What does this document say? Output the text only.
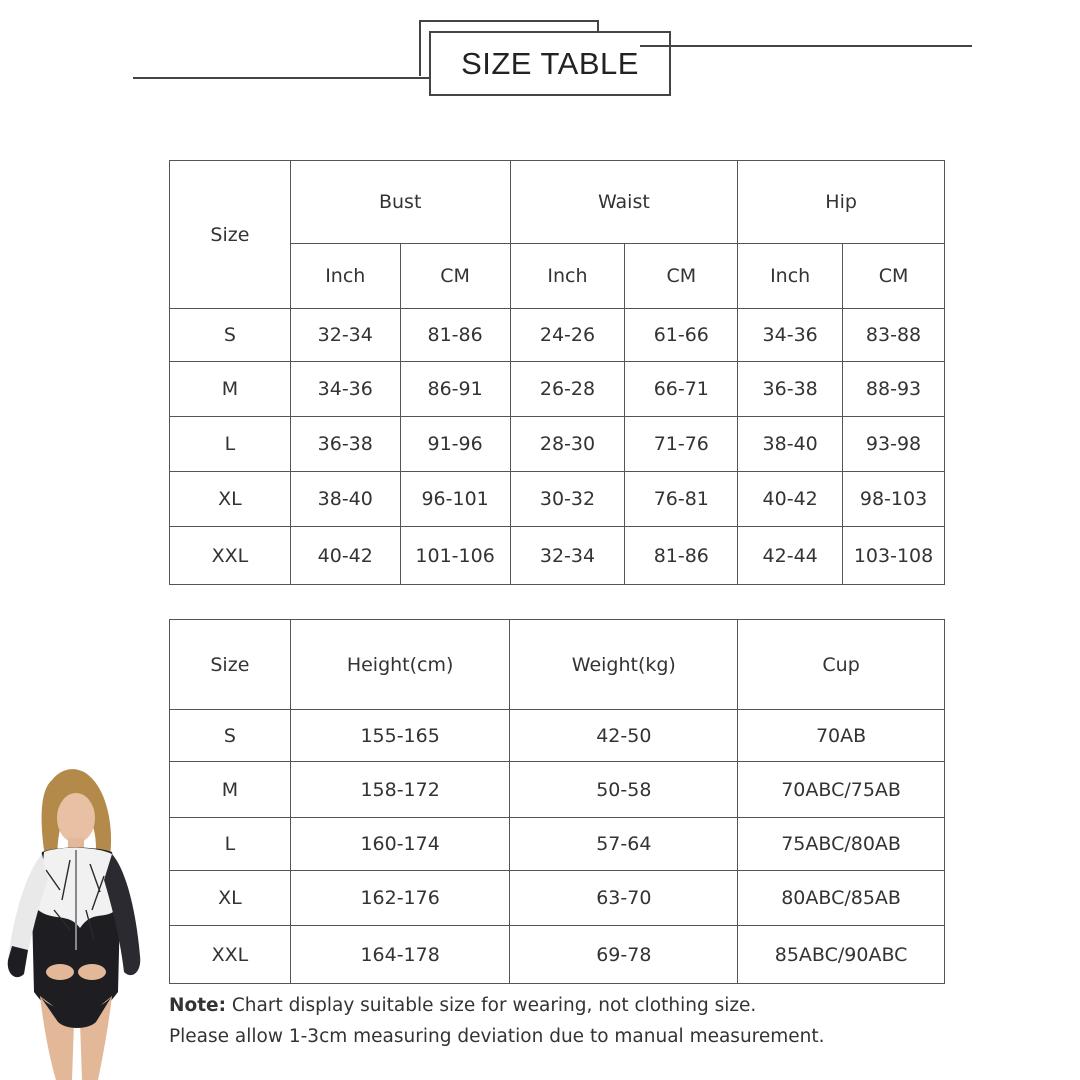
SIZE TABLE
Size	Bust		Waist		Hip	
	Inch	CM	Inch	CM	Inch	CM
S	32-34	81-86	24-26	61-66	34-36	83-88
M	34-36	86-91	26-28	66-71	36-38	88-93
L	36-38	91-96	28-30	71-76	38-40	93-98
XL	38-40	96-101	30-32	76-81	40-42	98-103
XXL	40-42	101-106	32-34	81-86	42-44	103-108
Size	Height(cm)	Weight(kg)	Cup
S	155-165	42-50	70AB
M	158-172	50-58	70ABC/75AB
L	160-174	57-64	75ABC/80AB
XL	162-176	63-70	80ABC/85AB
XXL	164-178	69-78	85ABC/90ABC
Note: Chart display suitable size for wearing, not clothing size.
Please allow 1-3cm measuring deviation due to manual measurement.
